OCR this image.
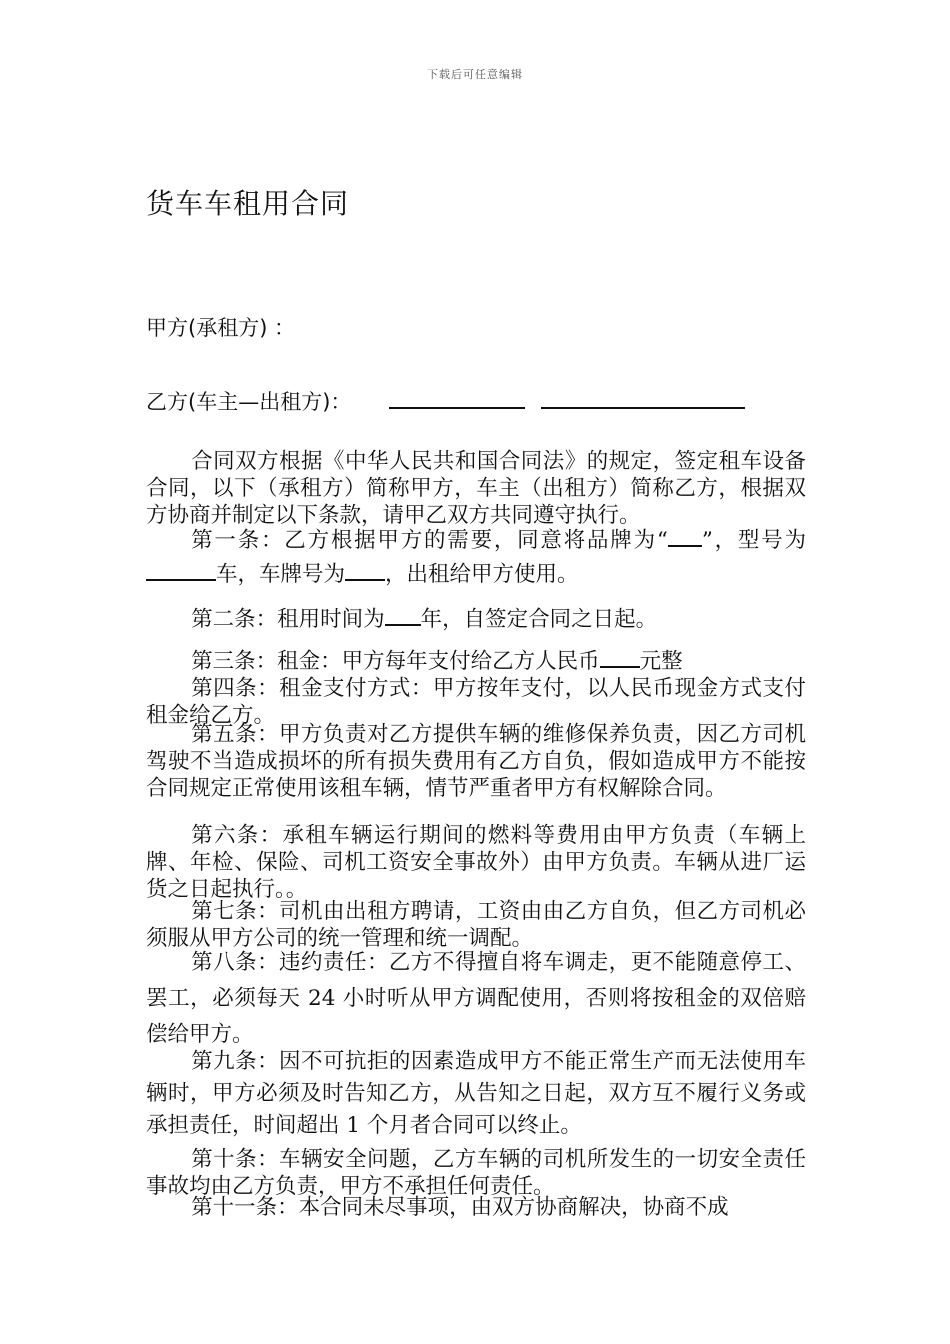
下载后可任意编辑
货车车租用合同
甲方(承租方) ：
乙方(车主—出租方)：
合同双方根据《中华人民共和国合同法》的规定，签定租车设备合同，以下（承租方）简称甲方，车主（出租方）简称乙方，根据双方协商并制定以下条款，请甲乙双方共同遵守执行。
第一条：乙方根据甲方的需要，同意将品牌为“ ”，型号为车，车牌号为 ，出租给甲方使用。
第二条：租用时间为 年，自签定合同之日起。
第三条：租金：甲方每年支付给乙方人民币 元整
第四条：租金支付方式：甲方按年支付，以人民币现金方式支付租金给乙方。
第五条：甲方负责对乙方提供车辆的维修保养负责，因乙方司机驾驶不当造成损坏的所有损失费用有乙方自负，假如造成甲方不能按合同规定正常使用该租车辆，情节严重者甲方有权解除合同。
第六条：承租车辆运行期间的燃料等费用由甲方负责（车辆上牌、年检、保险、司机工资安全事故外）由甲方负责。车辆从进厂运货之日起执行。。
第七条：司机由出租方聘请，工资由由乙方自负，但乙方司机必须服从甲方公司的统一管理和统一调配。
第八条：违约责任：乙方不得擅自将车调走，更不能随意停工、罢工，必须每天 24 小时听从甲方调配使用，否则将按租金的双倍赔偿给甲方。
第九条：因不可抗拒的因素造成甲方不能正常生产而无法使用车辆时，甲方必须及时告知乙方，从告知之日起，双方互不履行义务或承担责任，时间超出 1 个月者合同可以终止。
第十条：车辆安全问题，乙方车辆的司机所发生的一切安全责任事故均由乙方负责，甲方不承担任何责任。
第十一条：本合同未尽事项，由双方协商解决，协商不成
